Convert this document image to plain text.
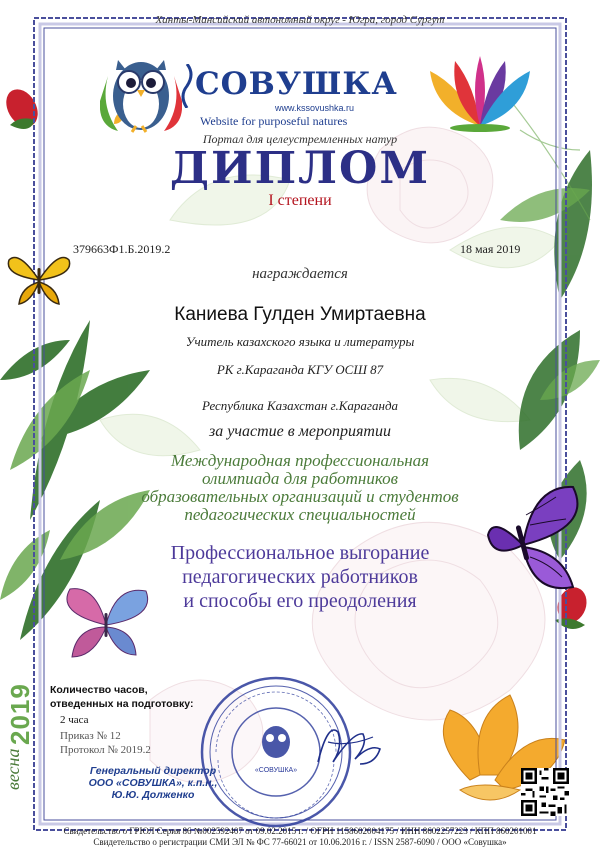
СОВУШКА
www.kssovushka.ru
Website for purposeful natures
Ханты-Мансийский автономный округ - Югра, город Сургут
Портал для целеустремленных натур
ДИПЛОМ
I степени
379663Ф1.Б.2019.2	18 мая 2019
награждается
Каниева Гулден Умиртаевна
Учитель казахского языка и литературы
РК г.Караганда КГУ ОСШ 87
Республика Казахстан г.Караганда
за участие в мероприятии
Международная профессиональная
олимпиада для работников
образовательных организаций и студентов
педагогических специальностей
Профессиональное выгорание
педагогических работников
и способы его преодоления
Количество часов,
отведенных на подготовку:
2 часа
Приказ № 12
Протокол № 2019.2
Генеральный директор
ООО «СОВУШКА», к.п.н.,
Ю.Ю. Долженко
2019
весна	«СОВУШКА»
Свидетельство о ГРЮЛ Серия 86 №002592407 от 09.02.2015 г. / ОГРН 1158602004175 / ИНН 8602257223 / КПП 860201001
Свидетельство о регистрации СМИ ЭЛ № ФС 77-66021 от 10.06.2016 г. / ISSN 2587-6090 / ООО «Совушка»
